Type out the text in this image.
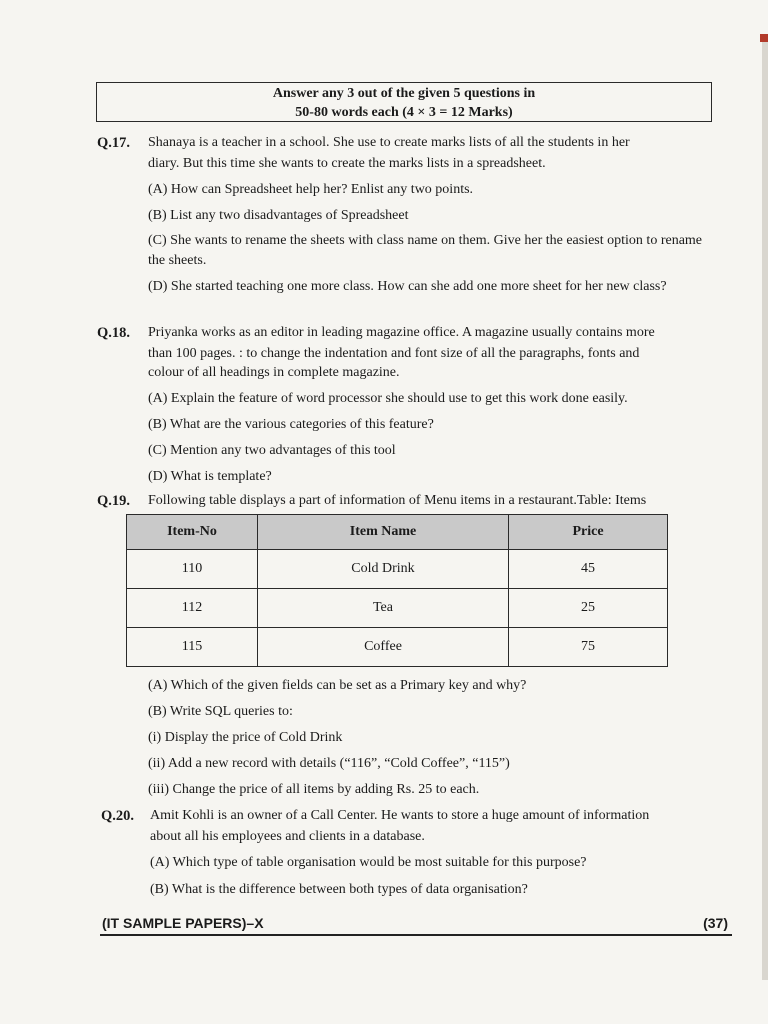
Answer any 3 out of the given 5 questions in
50-80 words each (4 × 3 = 12 Marks)
Q.17. Shanaya is a teacher in a school. She use to create marks lists of all the students in her
diary. But this time she wants to create the marks lists in a spreadsheet.
(A) How can Spreadsheet help her? Enlist any two points.
(B) List any two disadvantages of Spreadsheet
(C) She wants to rename the sheets with class name on them. Give her the easiest option to rename the sheets.
(D) She started teaching one more class. How can she add one more sheet for her new class?
Q.18. Priyanka works as an editor in leading magazine office. A magazine usually contains more
than 100 pages. : to change the indentation and font size of all the paragraphs, fonts and
colour of all headings in complete magazine.
(A) Explain the feature of word processor she should use to get this work done easily.
(B) What are the various categories of this feature?
(C) Mention any two advantages of this tool
(D) What is template?
Q.19. Following table displays a part of information of Menu items in a restaurant.Table: Items
Item-No	Item Name	Price
110	Cold Drink	45
112	Tea	25
115	Coffee	75
(A) Which of the given fields can be set as a Primary key and why?
(B) Write SQL queries to:
(i) Display the price of Cold Drink
(ii) Add a new record with details (“116”, “Cold Coffee”, “115”)
(iii) Change the price of all items by adding Rs. 25 to each.
Q.20. Amit Kohli is an owner of a Call Center. He wants to store a huge amount of information
about all his employees and clients in a database.
(A) Which type of table organisation would be most suitable for this purpose?
(B) What is the difference between both types of data organisation?
(IT SAMPLE PAPERS)–X	(37)
